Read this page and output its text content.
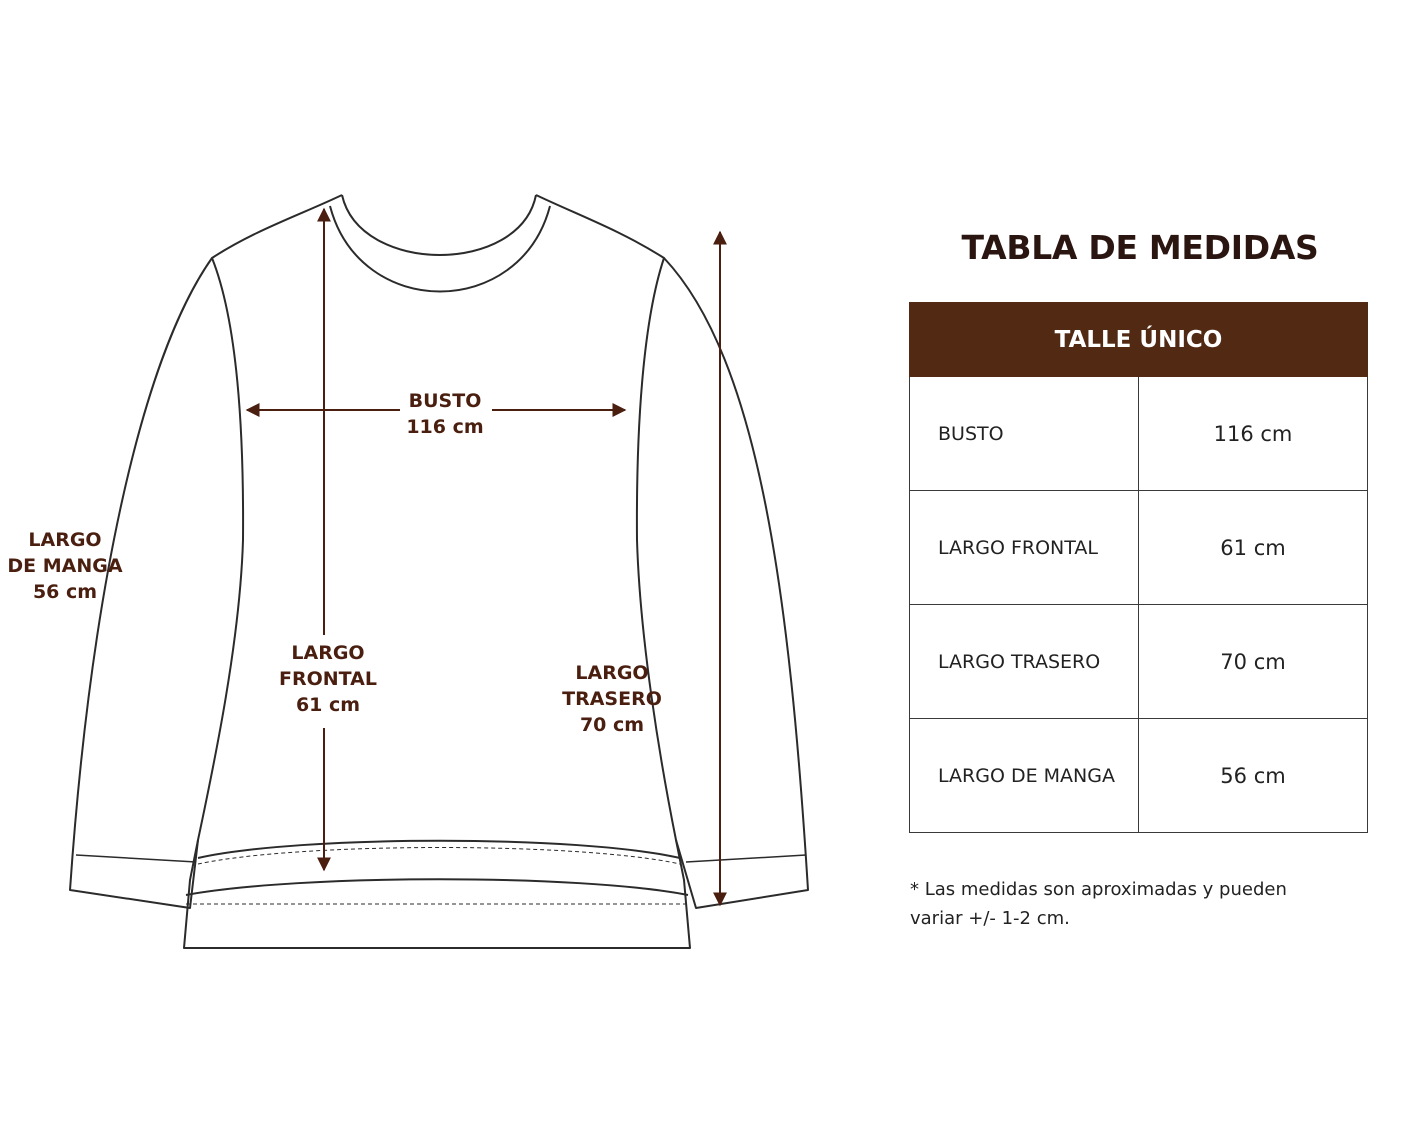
BUSTO
116 cm
LARGO
DE MANGA
56 cm
LARGO
FRONTAL
61 cm
LARGO
TRASERO
70 cm
TABLA DE MEDIDAS
TALLE ÚNICO	
BUSTO	116 cm
LARGO FRONTAL	61 cm
LARGO TRASERO	70 cm
LARGO DE MANGA	56 cm
* Las medidas son aproximadas y pueden variar +/- 1-2 cm.
